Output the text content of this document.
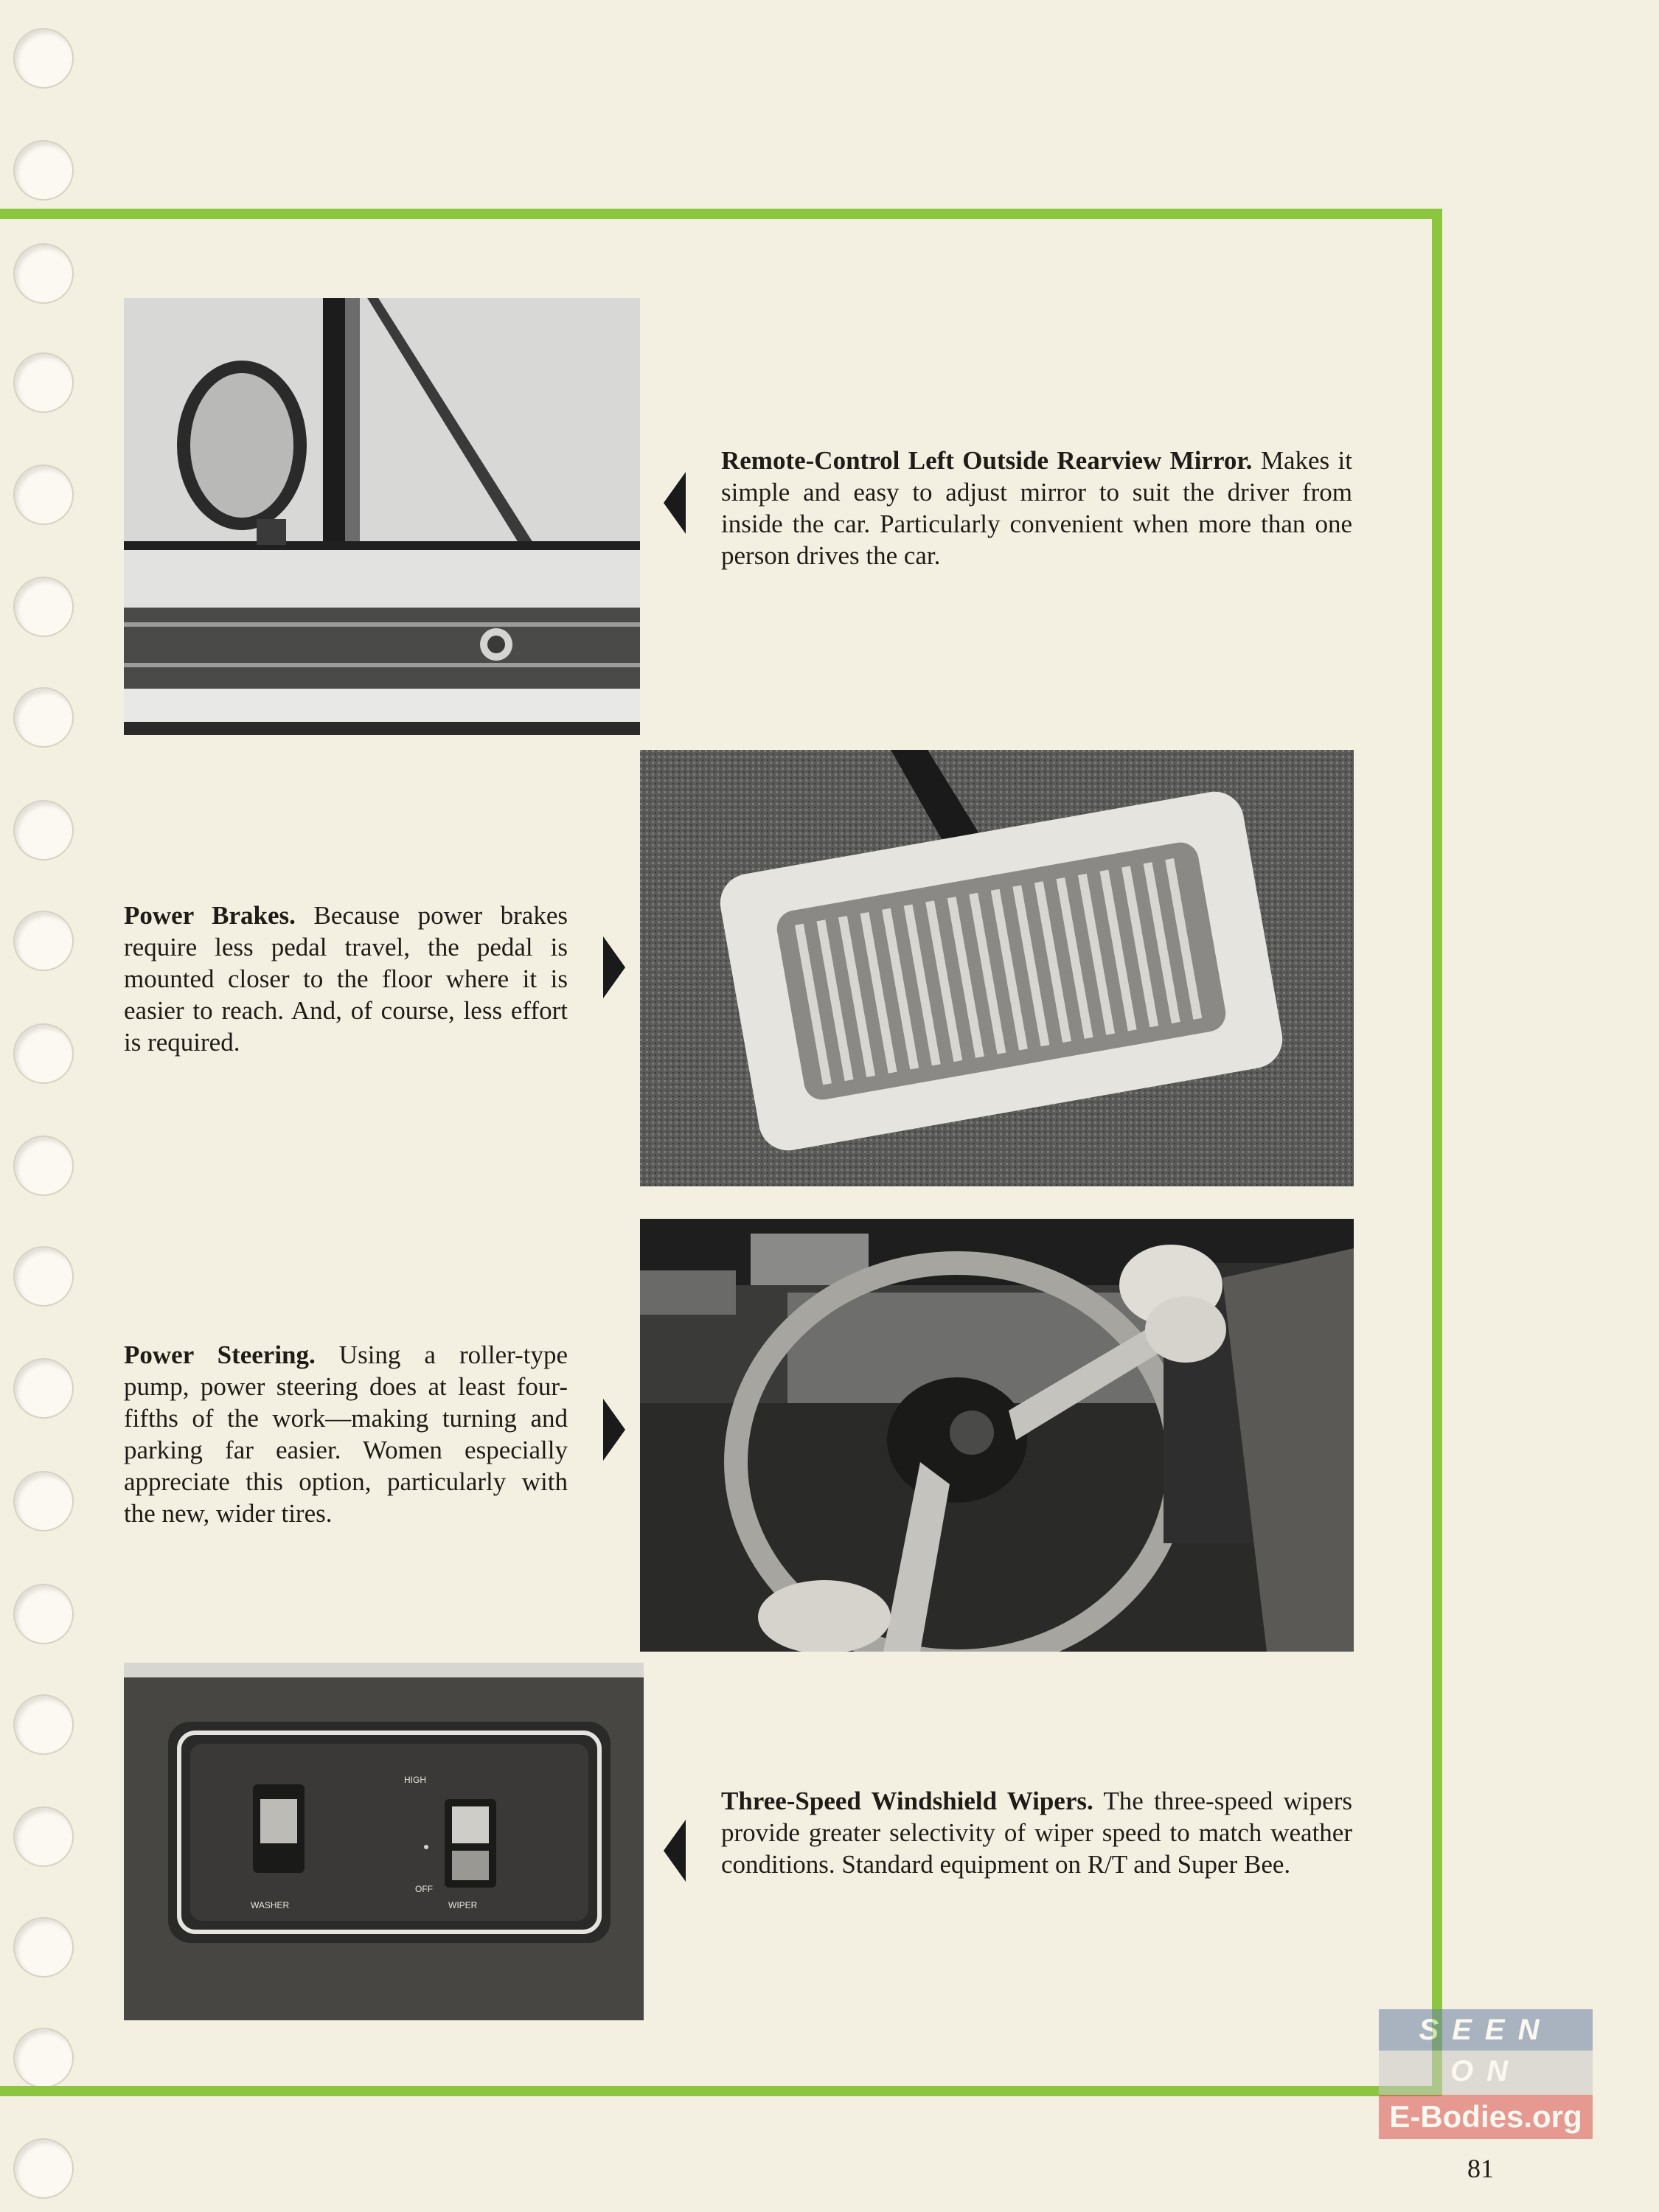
Remote-Control Left Outside Rearview Mirror. Makes it simple and easy to adjust mirror to suit the driver from inside the car. Particularly convenient when more than one person drives the car.
Power Brakes. Because power brakes require less pedal travel, the pedal is mounted closer to the floor where it is easier to reach. And, of course, less effort is required.
Power Steering. Using a roller-type pump, power steering does at least four-fifths of the work—making turning and parking far easier. Women especially appreciate this option, particularly with the new, wider tires.
HIGH
OFF
WASHER	WIPER
Three-Speed Windshield Wipers. The three-speed wipers provide greater selectivity of wiper speed to match weather conditions. Standard equipment on R/T and Super Bee.
SEEN ON
E-Bodies.org
81
